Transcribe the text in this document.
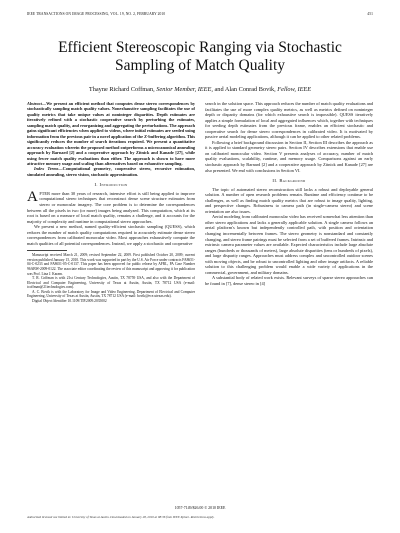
IEEE TRANSACTIONS ON IMAGE PROCESSING, VOL. 19, NO. 2, FEBRUARY 2010	451
Efficient Stereoscopic Ranging via Stochastic Sampling of Match Quality
Thayne Richard Coffman, Senior Member, IEEE, and Alan Conrad Bovik, Fellow, IEEE

Abstract—We present an efficient method that computes dense stereo correspondences by stochastically sampling match quality values. Nonexhaustive sampling facilitates the use of quality metrics that take unique values at noninteger disparities. Depth estimates are iteratively refined with a stochastic cooperative search by perturbing the estimates, sampling match quality, and reorganizing and aggregating the perturbations. The approach gains significant efficiencies when applied to videos, where initial estimates are seeded using information from the previous pair in a novel application of the Z-buffering algorithm. This significantly reduces the number of search iterations required. We present a quantitative accuracy evaluation wherein the proposed method outperforms a microcanonical annealing approach by Barnard [2] and a cooperative approach by Zitnick and Kanade [27], while using fewer match quality evaluations than either. The approach is shown to have more attractive memory usage and scaling than alternatives based on exhaustive sampling.

Index Terms—Computational geometry, cooperative stereo, recursive estimation, simulated annealing, stereo vision, stochastic approximation.

I. Introduction

AFTER more than 30 years of research, intensive effort is still being applied to improve computational stereo techniques that reconstruct dense scene structure estimates from stereo or monocular imagery. The core problem is to determine the correspondences between all the pixels in two (or more) images being analyzed. This computation, which at its root is based on a measure of local match quality, remains a challenge, and it accounts for the majority of complexity and runtime in computational stereo approaches.

We present a new method, named quality-efficient stochastic sampling (QUESS), which reduces the number of match quality computations required to accurately estimate dense stereo correspondences from calibrated monocular video. Most approaches exhaustively compute the match qualities of all potential correspondences. Instead, we apply a stochastic and cooperative

Manuscript received March 21, 2009; revised September 22, 2009. First published October 20, 2009; current version published January 15, 2010. This work was supported in part by the U.S. Air Force under contracts FA8651-04-C-0233 and FA8651-05-C-0137. This paper has been approved for public release by AFRL, PA Case Number 96ABW-2009-0122. The associate editor coordinating the review of this manuscript and approving it for publication was Prof. Lina J. Karam.

T. R. Coffman is with 21st Century Technologies, Austin, TX 78759 USA, and also with the Department of Electrical and Computer Engineering, University of Texas at Austin, Austin, TX 78712 USA (e-mail: tcoffman@21technologies.com).

A. C. Bovik is with the Laboratory for Image and Video Engineering, Department of Electrical and Computer Engineering, University of Texas at Austin, Austin, TX 78712 USA (e-mail: bovik@ece.utexas.edu).

Digital Object Identifier 10.1109/TIP.2009.2035002

search in the solution space. This approach reduces the number of match quality evaluations and facilitates the use of more complex quality metrics, as well as metrics defined on noninteger depth or disparity domains (for which exhaustive search is impossible). QUESS iteratively applies a simple formulation of local and aggregated influences which, together with techniques for seeding depth estimates from the previous frame, enables an efficient stochastic and cooperative search for dense stereo correspondences in calibrated video. It is motivated by passive aerial modeling applications, although it can be applied to other related problems.

Following a brief background discussion in Section II, Section III describes the approach as it is applied to standard geometry stereo pairs. Section IV describes extensions that enable use on calibrated monocular video. Section V presents analyses of accuracy, number of match quality evaluations, scalability, runtime, and memory usage. Comparisons against an early stochastic approach by Barnard [2] and a cooperative approach by Zitnick and Kanade [27] are also presented. We end with conclusions in Section VI.

II. Background

The topic of automated stereo reconstruction still lacks a robust and deployable general solution. A number of open research problems remain. Runtime and efficiency continue to be challenges, as well as finding match quality metrics that are robust to image quality, lighting, and perspective changes. Robustness to camera path (in single-camera stereo) and scene orientation are also issues.

Aerial modeling from calibrated monocular video has received somewhat less attention than other stereo applications and lacks a generally applicable solution. A single camera follows an aerial platform's known but independently controlled path, with position and orientation changing incrementally between frames. The stereo geometry is nonstandard and constantly changing, and stereo frame pairings must be selected from a set of buffered frames. Intrinsic and extrinsic camera parameter values are available. Expected characteristics include large absolute ranges (hundreds or thousands of meters), large absolute disparities (tens or hundreds of pixels), and large disparity ranges. Approaches must address complex and uncontrolled outdoor scenes with moving objects, and be robust to uncontrolled lighting and other image artifacts. A reliable solution to this challenging problem would enable a wide variety of applications in the commercial, government, and military domains.

A substantial body of related work exists. Relevant surveys of sparse stereo approaches can be found in [7], dense stereo in [4]

1057-7149/$26.00 © 2010 IEEE
Authorized licensed use limited to: University of Texas at Austin. Downloaded on January 28, 2010 at 08:36 from IEEE Xplore. Restrictions apply.
